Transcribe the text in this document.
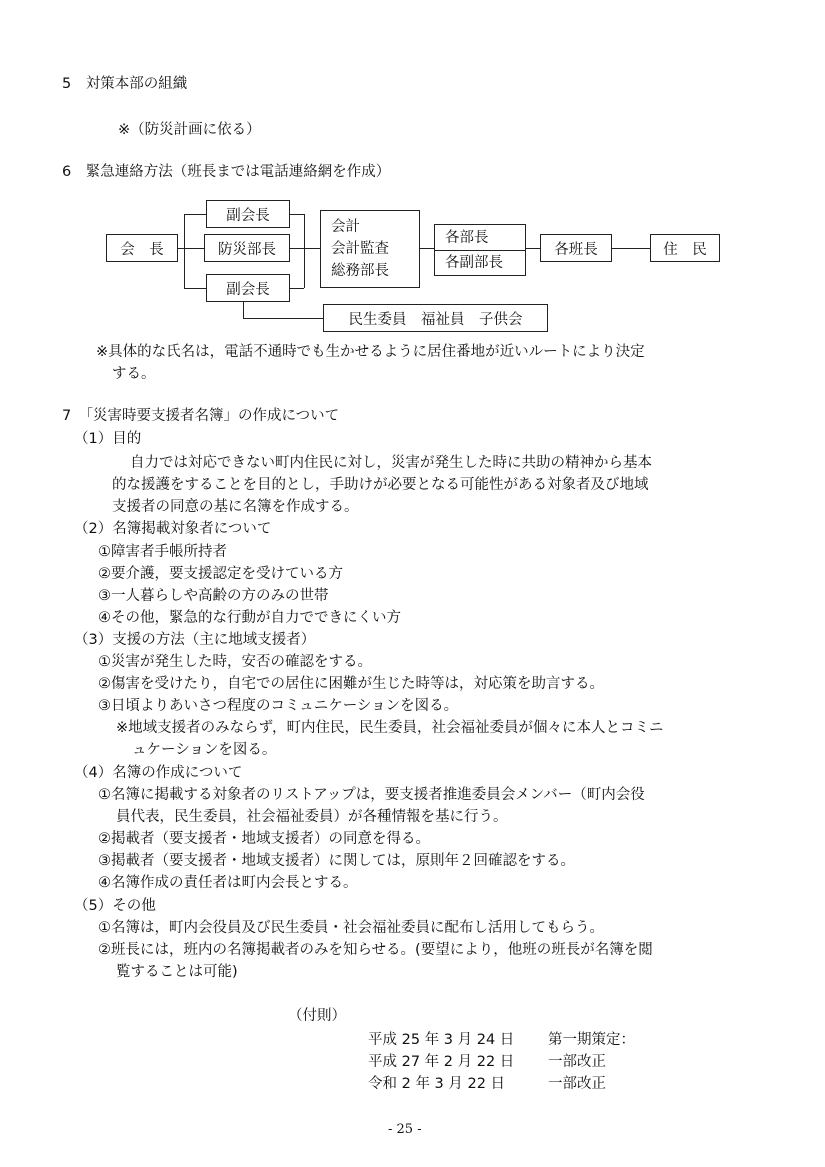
5　対策本部の組織
※（防災計画に依る）
6　緊急連絡方法（班長までは電話連絡網を作成）
会　長
副会長
防災部長
副会長
会計
会計監査
総務部長
各部長
各副部長
各班長	住　民
民生委員　福祉員　子供会
※具体的な氏名は，電話不通時でも生かせるように居住番地が近いルートにより決定
する。
7　「災害時要支援者名簿」の作成について
（1）目的
自力では対応できない町内住民に対し，災害が発生した時に共助の精神から基本
的な援護をすることを目的とし，手助けが必要となる可能性がある対象者及び地域
支援者の同意の基に名簿を作成する。
（2）名簿掲載対象者について
①障害者手帳所持者
②要介護，要支援認定を受けている方
③一人暮らしや高齢の方のみの世帯
④その他，緊急的な行動が自力でできにくい方
（3）支援の方法（主に地域支援者）
①災害が発生した時，安否の確認をする。
②傷害を受けたり，自宅での居住に困難が生じた時等は，対応策を助言する。
③日頃よりあいさつ程度のコミュニケーションを図る。
※地域支援者のみならず，町内住民，民生委員，社会福祉委員が個々に本人とコミニ
ュケーションを図る。
（4）名簿の作成について
①名簿に掲載する対象者のリストアップは，要支援者推進委員会メンバー（町内会役
員代表，民生委員，社会福祉委員）が各種情報を基に行う。
②掲載者（要支援者・地域支援者）の同意を得る。
③掲載者（要支援者・地域支援者）に関しては，原則年２回確認をする。
④名簿作成の責任者は町内会長とする。
（5）その他
①名簿は，町内会役員及び民生委員・社会福祉委員に配布し活用してもらう。
②班長には，班内の名簿掲載者のみを知らせる。(要望により，他班の班長が名簿を閲
覧することは可能)
（付則）
平成 25 年 3 月 24 日 第一期策定：
平成 27 年 2 月 22 日 一部改正
令和 2 年 3 月 22 日	一部改正
- 25 -
